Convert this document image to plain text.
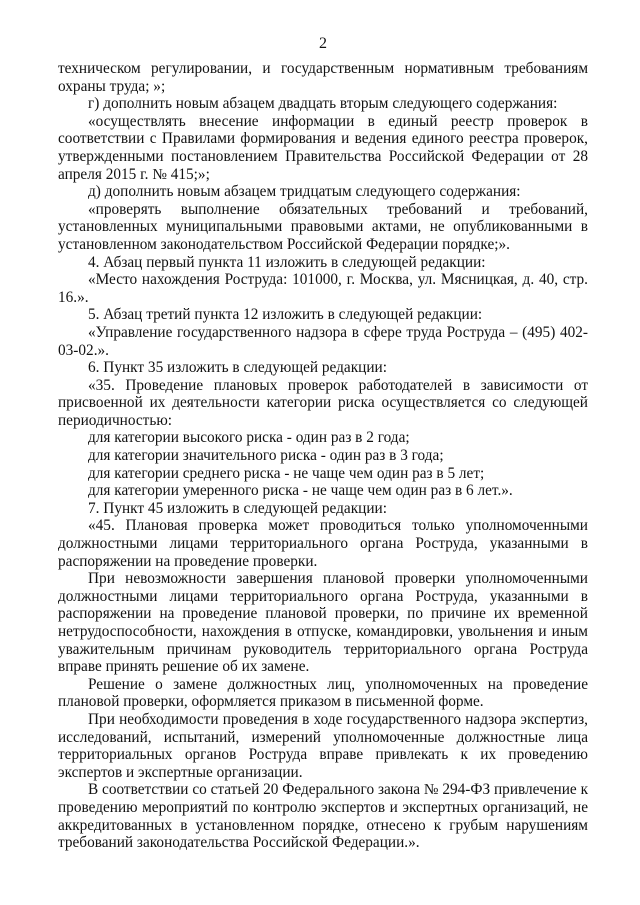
2

техническом регулировании, и государственным нормативным требованиям охраны труда; »;

г) дополнить новым абзацем двадцать вторым следующего содержания:

«осуществлять внесение информации в единый реестр проверок в соответствии с Правилами формирования и ведения единого реестра проверок, утвержденными постановлением Правительства Российской Федерации от 28 апреля 2015 г. № 415;»;

д) дополнить новым абзацем тридцатым следующего содержания:

«проверять выполнение обязательных требований и требований, установленных муниципальными правовыми актами, не опубликованными в установленном законодательством Российской Федерации порядке;».

4. Абзац первый пункта 11 изложить в следующей редакции:

«Место нахождения Роструда: 101000, г. Москва, ул. Мясницкая, д. 40, стр. 16.».

5. Абзац третий пункта 12 изложить в следующей редакции:

«Управление государственного надзора в сфере труда Роструда – (495) 402-03-02.».

6. Пункт 35 изложить в следующей редакции:

«35. Проведение плановых проверок работодателей в зависимости от присвоенной их деятельности категории риска осуществляется со следующей периодичностью:

для категории высокого риска - один раз в 2 года;

для категории значительного риска - один раз в 3 года;

для категории среднего риска - не чаще чем один раз в 5 лет;

для категории умеренного риска - не чаще чем один раз в 6 лет.».

7. Пункт 45 изложить в следующей редакции:

«45. Плановая проверка может проводиться только уполномоченными должностными лицами территориального органа Роструда, указанными в распоряжении на проведение проверки.

При невозможности завершения плановой проверки уполномоченными должностными лицами территориального органа Роструда, указанными в распоряжении на проведение плановой проверки, по причине их временной нетрудоспособности, нахождения в отпуске, командировки, увольнения и иным уважительным причинам руководитель территориального органа Роструда вправе принять решение об их замене.

Решение о замене должностных лиц, уполномоченных на проведение плановой проверки, оформляется приказом в письменной форме.

При необходимости проведения в ходе государственного надзора экспертиз, исследований, испытаний, измерений уполномоченные должностные лица территориальных органов Роструда вправе привлекать к их проведению экспертов и экспертные организации.

В соответствии со статьей 20 Федерального закона № 294-ФЗ привлечение к проведению мероприятий по контролю экспертов и экспертных организаций, не аккредитованных в установленном порядке, отнесено к грубым нарушениям требований законодательства Российской Федерации.».
